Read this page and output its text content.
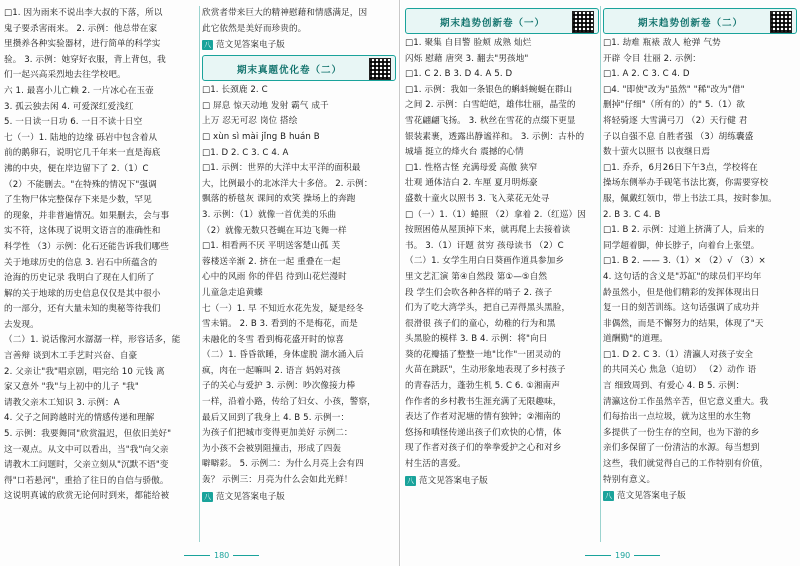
□1. 因为雨来不说出李大叔的下落，所以
鬼子要杀害雨来。 2. 示例：他总带在家
里攒养各种实验器材，进行简单的科学实
验。 3. 示例：她穿好衣服，背上背包，我
们一起兴高采烈地去往学校吧。
六 1. 最喜小儿亡赖 2. 一片冰心在玉壶
3. 孤云独去闲 4. 可爱深红爱浅红
5. 一日读一日功 6. 一日不读十日空
七（一）1. 陆地的边缘 砾岩中包含着从
前的鹅卵石，说明它几千年来一直是海底
沸的中央，便在岸边留下了 2.（1）C
（2）不能删去。"在特殊的情况下"强调
了生物尸体完整保存下来是少数，罕见
的现象，并非普遍情况。如果删去，会与事
实不符，这体现了说明文语言的准确性和
科学性 （3）示例：化石还能告诉我们哪些
关于地球历史的信息 3. 岩石中所蕴含的
沧海的历史记录 我明白了现在人们所了
解的关于地球的历史信息仅仅是其中很小
的一部分，还有大量未知的奥秘等待我们
去发现。
（二）1. 说话像河水潺潺一样，形容话多，能
言善辩 谈到木工手艺时兴奋、自豪
2. 父亲让"我"唱京剧，唱完给 10 元钱 离
家又意外 "我"与上初中的儿子 "我"
请教父亲木工知识 3. 示例：A
4. 父子之间跨越时光的情感传递和理解
5. 示例：我要舞同"欣赏温迟，但依旧美好"
这一观点。从文中可以看出，当"我"向父亲
请教木工问题时，父亲立刻从"沉默不语"变
得"口若悬河"，重拾了往日的自信与骄傲。
这说明真诚的欣赏无论何时到来，都能给被
欣赏者带来巨大的精神慰藉和情感满足，因
此它依然是美好而珍贵的。
八 范文见答案电子版
期末真题优化卷（二）
□1. 长颈鹿 2. C
□ 屏息 惊天动地 发射 霸气 成千
上万 忍无可忍 岗位 搭绘
□ xùn sì mài jǐng B huán B
□1. D 2. C 3. C 4. A
□1. 示例：世界的大洋中太平洋的面积最
大，比例最小的北冰洋大十多倍。 2. 示例：
飘落的桥毯灰 课间的欢笑 操场上的奔跑
3. 示例：（1）就像一首优美的乐曲
（2）就像无数只苍蝇在耳边飞舞一样
□1. 相看两不厌 平明送客楚山孤 芙
蓉楼送辛渐 2. 挤在一起 重叠在一起
心中的风雨 你的伴侣 待到山花烂漫时
儿童急走追黄蝶
七（一）1. 早 不知近水花先发，疑是经冬
雪未销。 2. B 3. 看到的不是梅花，而是
未融化的冬雪 看到梅花盛开时的惊喜
（二）1. 昏昏欲睡，身体虚脱 湖水涌入后
疯，肉在一起嘛叫 2. 语言 妈妈对孩
子的关心与爱护 3. 示例：吵次像接力棒
一样，沿着小路，传给了妇女、小孩，警察，
最后又回到了我身上 4. B 5. 示例一：
为孩子们把城市变得更加美好 示例二：
为小孩不会被别阻撞击，形成了四轰
噼噼彩。 5. 示例二：为什么月亮上会有四
轰？ 示例三：月亮为什么会如此光鲜！
八 范文见答案电子版
180
期末趋势创新卷（一）
□1. 聚集 自目警 脸颊 成熟 灿烂
闪烁 慰藉 唐突 3. 翻去"男孩地"
□1. C 2. B 3. D 4. A 5. D
□1. 示例：我如一条银色的蝌蚪蜿蜒在群山
之间 2. 示例：白雪皑皑，雄伟壮丽，晶莹的
雪花翩翩飞扬。 3. 秋丝在雪花的点缀下更显
银装素裹，透露出静谧祥和。 3. 示例：古朴的
城墙 挺立的烽火台 震撼的心情
□1. 性格古怪 充满母爱 高傲 狭窄
壮观 通体洁白 2. 车厘 夏月明烁豪
盛数十童火以照书 3. 飞入菜花无处寻
□（一）1.（1）蜷照 （2）拿着 2.（红巡）因
按照困倦从屋顶掉下来，就再爬上去接着读
书。 3.（1）讦题 贫穷 孩母读书 （2）C
（二）1. 女学生用白日葵画作道具参加乡
里文艺汇演 第④自然段 第①—⑤自然
段 学生们会吹各种各样的哨子 2. 孩子
们为了吃大湾学头，把自己弄得黑头黑脸，
很滑很 孩子们的童心，幼稚的行为和黑
头黑脸的模样 3. B 4. 示例：将"向日
葵的花瓣插了整整一地"比作"一团灵动的
火苗在跳跃"，生动形象地表现了乡村孩子
的青春活力，蓬勃生机 5. C 6. ①湘南声
作作者的乡村教书生涯充满了无限趣味，
表达了作者对泥塘的情有独钟；②湘南的
悠扬和嗔怪传递出孩子们欢快的心情，体
现了作者对孩子们的拳拳爱护之心和对乡
村生活的喜爱。
八 范文见答案电子版
期末趋势创新卷（二）
□1. 劫难 瓶裱 敌人 枪弹 气势
开辟 令目 壮丽 2. 示例：
□1. A 2. C 3. C 4. D
□4. "即使"改为"虽然" "稀"改为"借"
删掉"仔细"（所有的）的" 5.（1）欲
将轻骑逐 大雪满弓刀 （2）天行健 君
子以自强不息 自胜者强 （3）胡练囊盛
数十萤火以照书 以夜继日焉
□1. 乔乔，6月26日下午3点，学校将在
操场东侧举办手砚笔书法比赛，你需要穿校
服，佩戴红领巾，带上书法工具，按时参加。
2. B 3. C 4. B
□1. B 2. 示例：过道上挤满了人，后来的
同学超着脚，伸长脖子，向着台上张望。
□1. B 2. —— 3.（1）× （2）√ （3）×
4. 这句话的含义是"苏缸"的球员们平均年
龄虽然小，但是他们精彩的发挥体现出日
复一日的刻苦训练。这句话强调了成功并
非偶然，而是不懈努力的结果，体现了"天
道酬勤"的道理。
□1. D 2. C 3.（1）清瀛人对孩子安全
的共同关心 焦急（迫切） （2）动作 语
言 细致周到、有爱心 4. B 5. 示例：
清瀛这份工作虽然辛苦，但它意义重大。我
们每抬出一点垃圾，就为这里的水生物
多提供了一份生存的空间，也为下游的乡
亲们多保留了一份清洁的水源。每当想到
这些，我们就觉得自己的工作特别有价值，
特别有意义。
八 范文见答案电子版
190
